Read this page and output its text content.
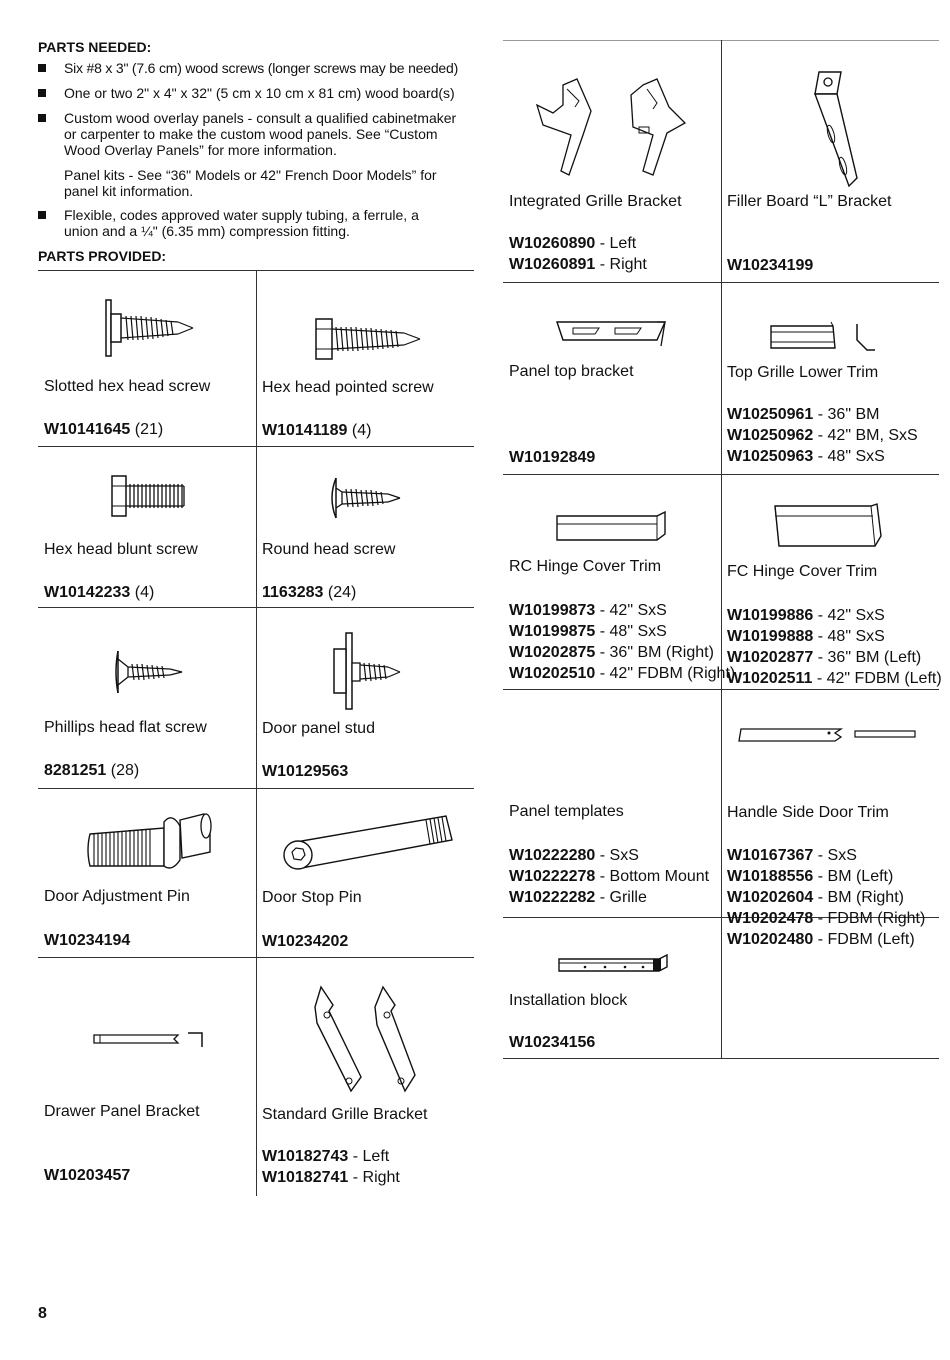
PARTS NEEDED:
Six #8 x 3" (7.6 cm) wood screws (longer screws may be needed)
One or two 2" x 4" x 32" (5 cm x 10 cm x 81 cm) wood board(s)
Custom wood overlay panels - consult a qualified cabinetmaker or carpenter to make the custom wood panels. See “Custom Wood Overlay Panels” for more information.
Panel kits - See “36" Models or 42" French Door Models” for panel kit information.
Flexible, codes approved water supply tubing, a ferrule, a union and a ¼" (6.35 mm) compression fitting.
PARTS PROVIDED:
Slotted hex head screw
W10141645 (21)
Hex head pointed screw
W10141189 (4)
Hex head blunt screw
W10142233 (4)
Round head screw
1163283 (24)
Phillips head flat screw
8281251 (28)
Door panel stud
W10129563
Door Adjustment Pin
W10234194
Door Stop Pin
W10234202
Drawer Panel Bracket
W10203457
Standard Grille Bracket
W10182743 - Left
W10182741 - Right
Integrated Grille Bracket
W10260890 - Left
W10260891 - Right
Filler Board “L” Bracket
W10234199
Panel top bracket
W10192849
Top Grille Lower Trim
W10250961 - 36" BM
W10250962 - 42" BM, SxS
W10250963 - 48" SxS
RC Hinge Cover Trim
W10199873 - 42" SxS
W10199875 - 48" SxS
W10202875 - 36" BM (Right)
W10202510 - 42" FDBM (Right)
FC Hinge Cover Trim
W10199886 - 42" SxS
W10199888 - 48" SxS
W10202877 - 36" BM (Left)
W10202511 - 42" FDBM (Left)
Panel templates
W10222280 - SxS
W10222278 - Bottom Mount
W10222282 - Grille
Handle Side Door Trim
W10167367 - SxS
W10188556 - BM (Left)
W10202604 - BM (Right)
W10202478 - FDBM (Right)
W10202480 - FDBM (Left)
Installation block
W10234156
8
